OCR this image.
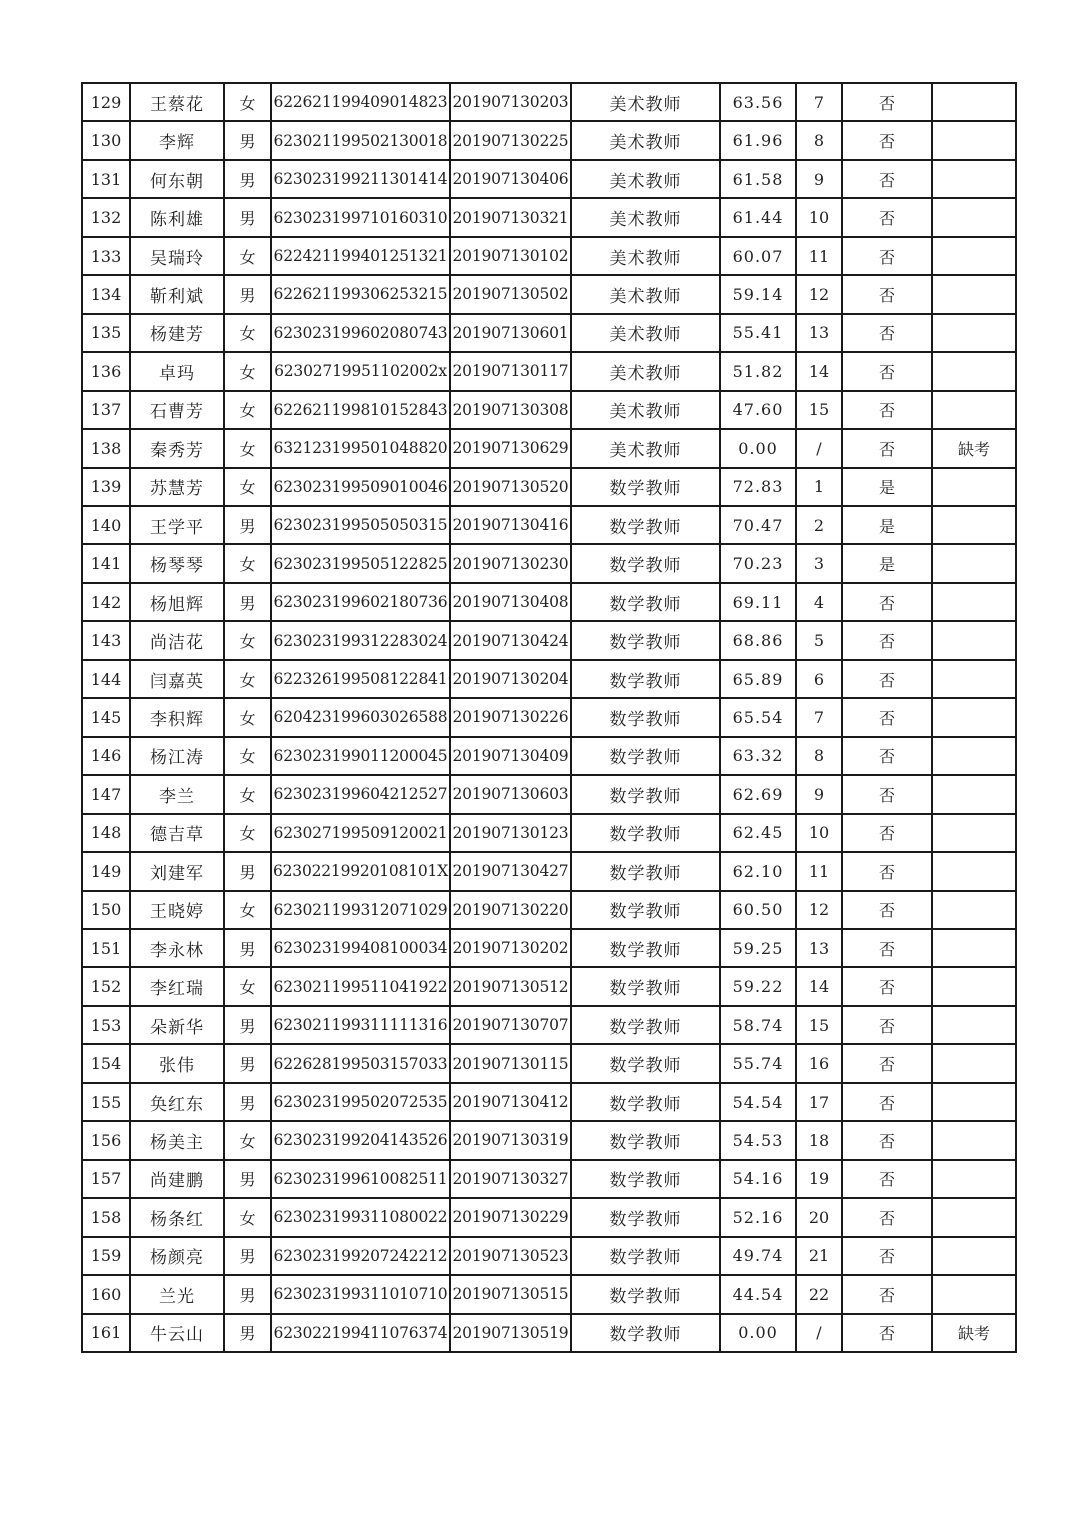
129	王蔡花	女	622621199409014823	201907130203	美术教师	63.56	7	否	
130	李辉	男	623021199502130018	201907130225	美术教师	61.96	8	否	
131	何东朝	男	623023199211301414	201907130406	美术教师	61.58	9	否	
132	陈利雄	男	623023199710160310	201907130321	美术教师	61.44	10	否	
133	吴瑞玲	女	622421199401251321	201907130102	美术教师	60.07	11	否	
134	靳利斌	男	622621199306253215	201907130502	美术教师	59.14	12	否	
135	杨建芳	女	623023199602080743	201907130601	美术教师	55.41	13	否	
136	卓玛	女	62302719951102002x	201907130117	美术教师	51.82	14	否	
137	石曹芳	女	622621199810152843	201907130308	美术教师	47.60	15	否	
138	秦秀芳	女	632123199501048820	201907130629	美术教师	0.00	/	否	缺考
139	苏慧芳	女	623023199509010046	201907130520	数学教师	72.83	1	是	
140	王学平	男	623023199505050315	201907130416	数学教师	70.47	2	是	
141	杨琴琴	女	623023199505122825	201907130230	数学教师	70.23	3	是	
142	杨旭辉	男	623023199602180736	201907130408	数学教师	69.11	4	否	
143	尚洁花	女	623023199312283024	201907130424	数学教师	68.86	5	否	
144	闫嘉英	女	622326199508122841	201907130204	数学教师	65.89	6	否	
145	李积辉	女	620423199603026588	201907130226	数学教师	65.54	7	否	
146	杨江涛	女	623023199011200045	201907130409	数学教师	63.32	8	否	
147	李兰	女	623023199604212527	201907130603	数学教师	62.69	9	否	
148	德吉草	女	623027199509120021	201907130123	数学教师	62.45	10	否	
149	刘建军	男	62302219920108101X	201907130427	数学教师	62.10	11	否	
150	王晓婷	女	623021199312071029	201907130220	数学教师	60.50	12	否	
151	李永林	男	623023199408100034	201907130202	数学教师	59.25	13	否	
152	李红瑞	女	623021199511041922	201907130512	数学教师	59.22	14	否	
153	朵新华	男	623021199311111316	201907130707	数学教师	58.74	15	否	
154	张伟	男	622628199503157033	201907130115	数学教师	55.74	16	否	
155	奂红东	男	623023199502072535	201907130412	数学教师	54.54	17	否	
156	杨美主	女	623023199204143526	201907130319	数学教师	54.53	18	否	
157	尚建鹏	男	623023199610082511	201907130327	数学教师	54.16	19	否	
158	杨条红	女	623023199311080022	201907130229	数学教师	52.16	20	否	
159	杨颜亮	男	623023199207242212	201907130523	数学教师	49.74	21	否	
160	兰光	男	623023199311010710	201907130515	数学教师	44.54	22	否	
161	牛云山	男	623022199411076374	201907130519	数学教师	0.00	/	否	缺考
